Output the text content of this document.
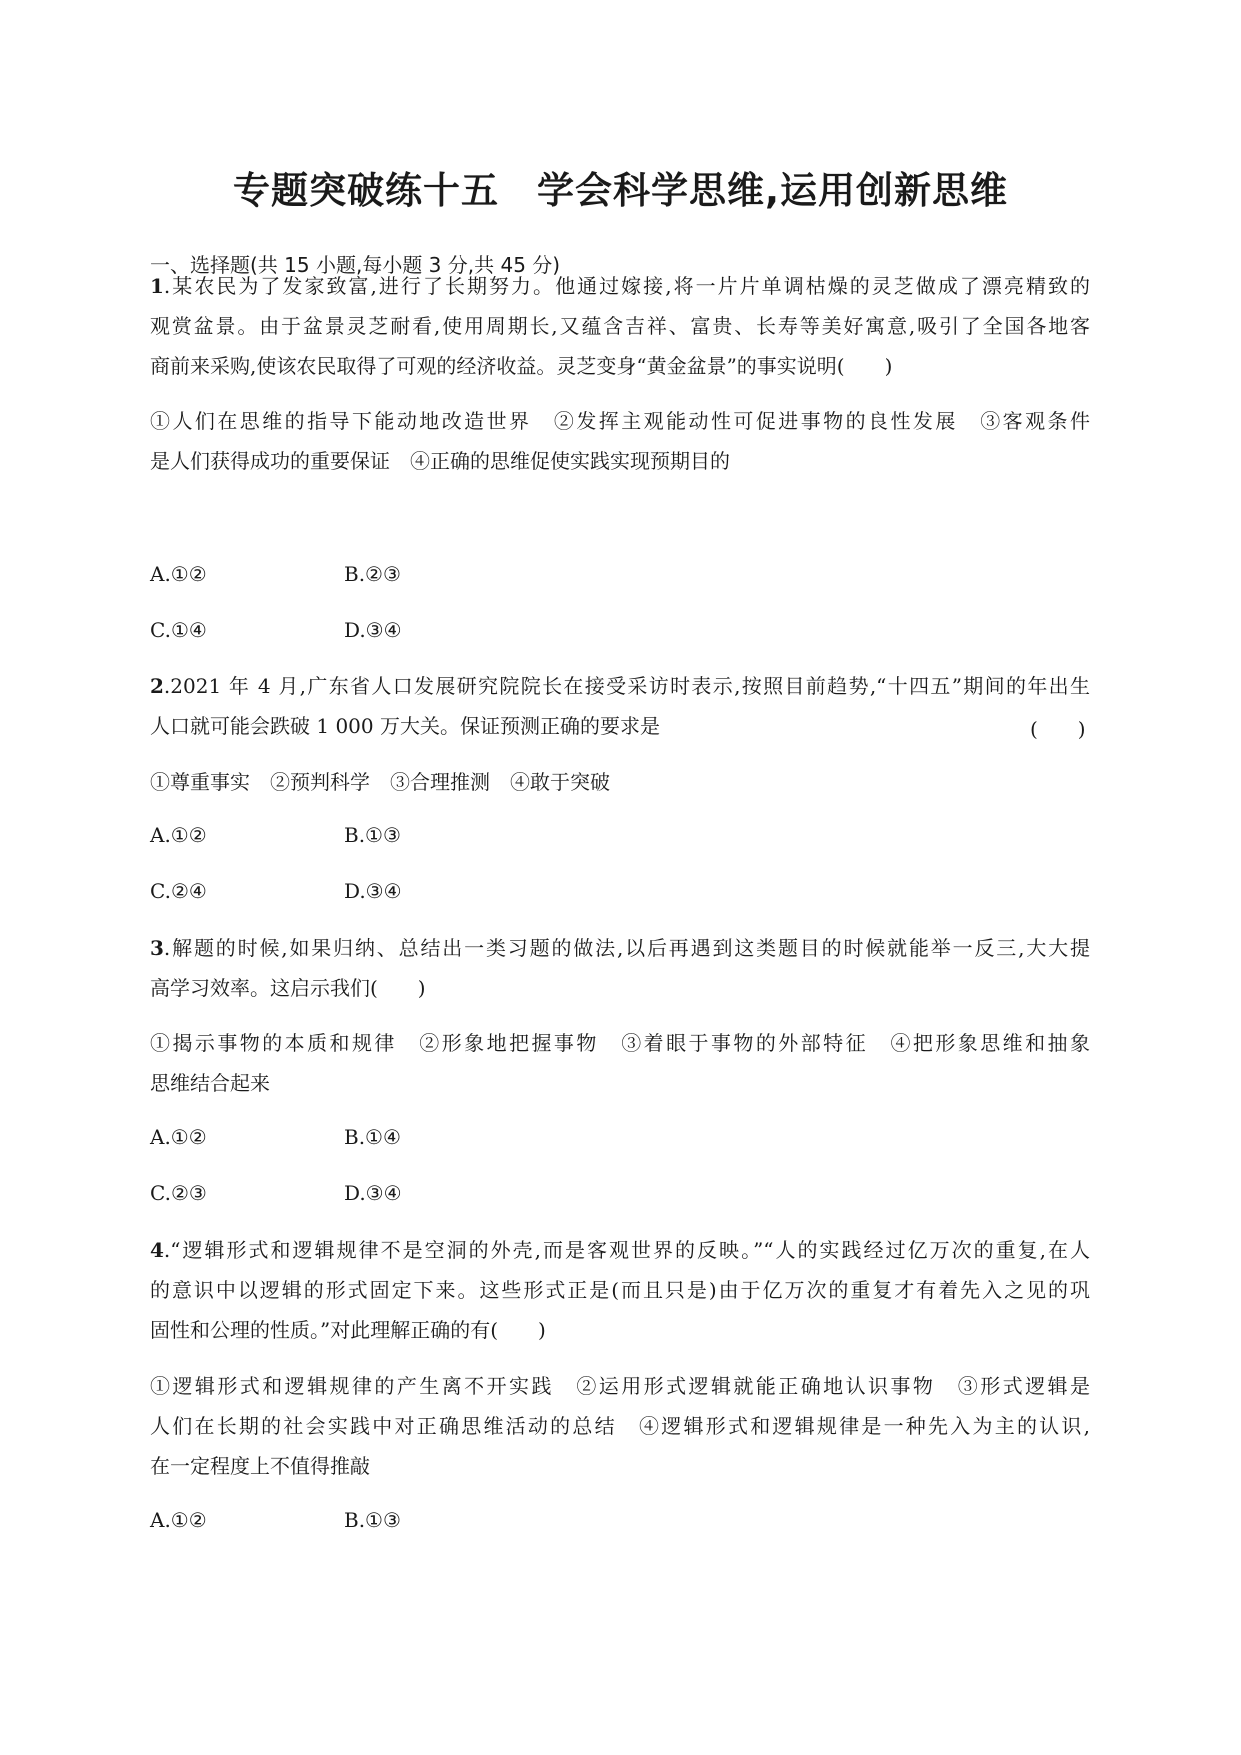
专题突破练十五　学会科学思维,运用创新思维
一、选择题(共 15 小题,每小题 3 分,共 45 分)
1.某农民为了发家致富,进行了长期努力。他通过嫁接,将一片片单调枯燥的灵芝做成了漂亮精致的
观赏盆景。由于盆景灵芝耐看,使用周期长,又蕴含吉祥、富贵、长寿等美好寓意,吸引了全国各地客
商前来采购,使该农民取得了可观的经济收益。灵芝变身“黄金盆景”的事实说明(　　)
①人们在思维的指导下能动地改造世界　②发挥主观能动性可促进事物的良性发展　③客观条件
是人们获得成功的重要保证　④正确的思维促使实践实现预期目的
A.①②	B.②③
C.①④	D.③④
2.2021 年 4 月,广东省人口发展研究院院长在接受采访时表示,按照目前趋势,“十四五”期间的年出生
人口就可能会跌破 1 000 万大关。保证预测正确的要求是	(　　)
①尊重事实　②预判科学　③合理推测　④敢于突破
A.①②	B.①③
C.②④	D.③④
3.解题的时候,如果归纳、总结出一类习题的做法,以后再遇到这类题目的时候就能举一反三,大大提
高学习效率。这启示我们(　　)
①揭示事物的本质和规律　②形象地把握事物　③着眼于事物的外部特征　④把形象思维和抽象
思维结合起来
A.①②	B.①④
C.②③	D.③④
4.“逻辑形式和逻辑规律不是空洞的外壳,而是客观世界的反映。”“人的实践经过亿万次的重复,在人
的意识中以逻辑的形式固定下来。这些形式正是(而且只是)由于亿万次的重复才有着先入之见的巩
固性和公理的性质。”对此理解正确的有(　　)
①逻辑形式和逻辑规律的产生离不开实践　②运用形式逻辑就能正确地认识事物　③形式逻辑是
人们在长期的社会实践中对正确思维活动的总结　④逻辑形式和逻辑规律是一种先入为主的认识,
在一定程度上不值得推敲
A.①②	B.①③
